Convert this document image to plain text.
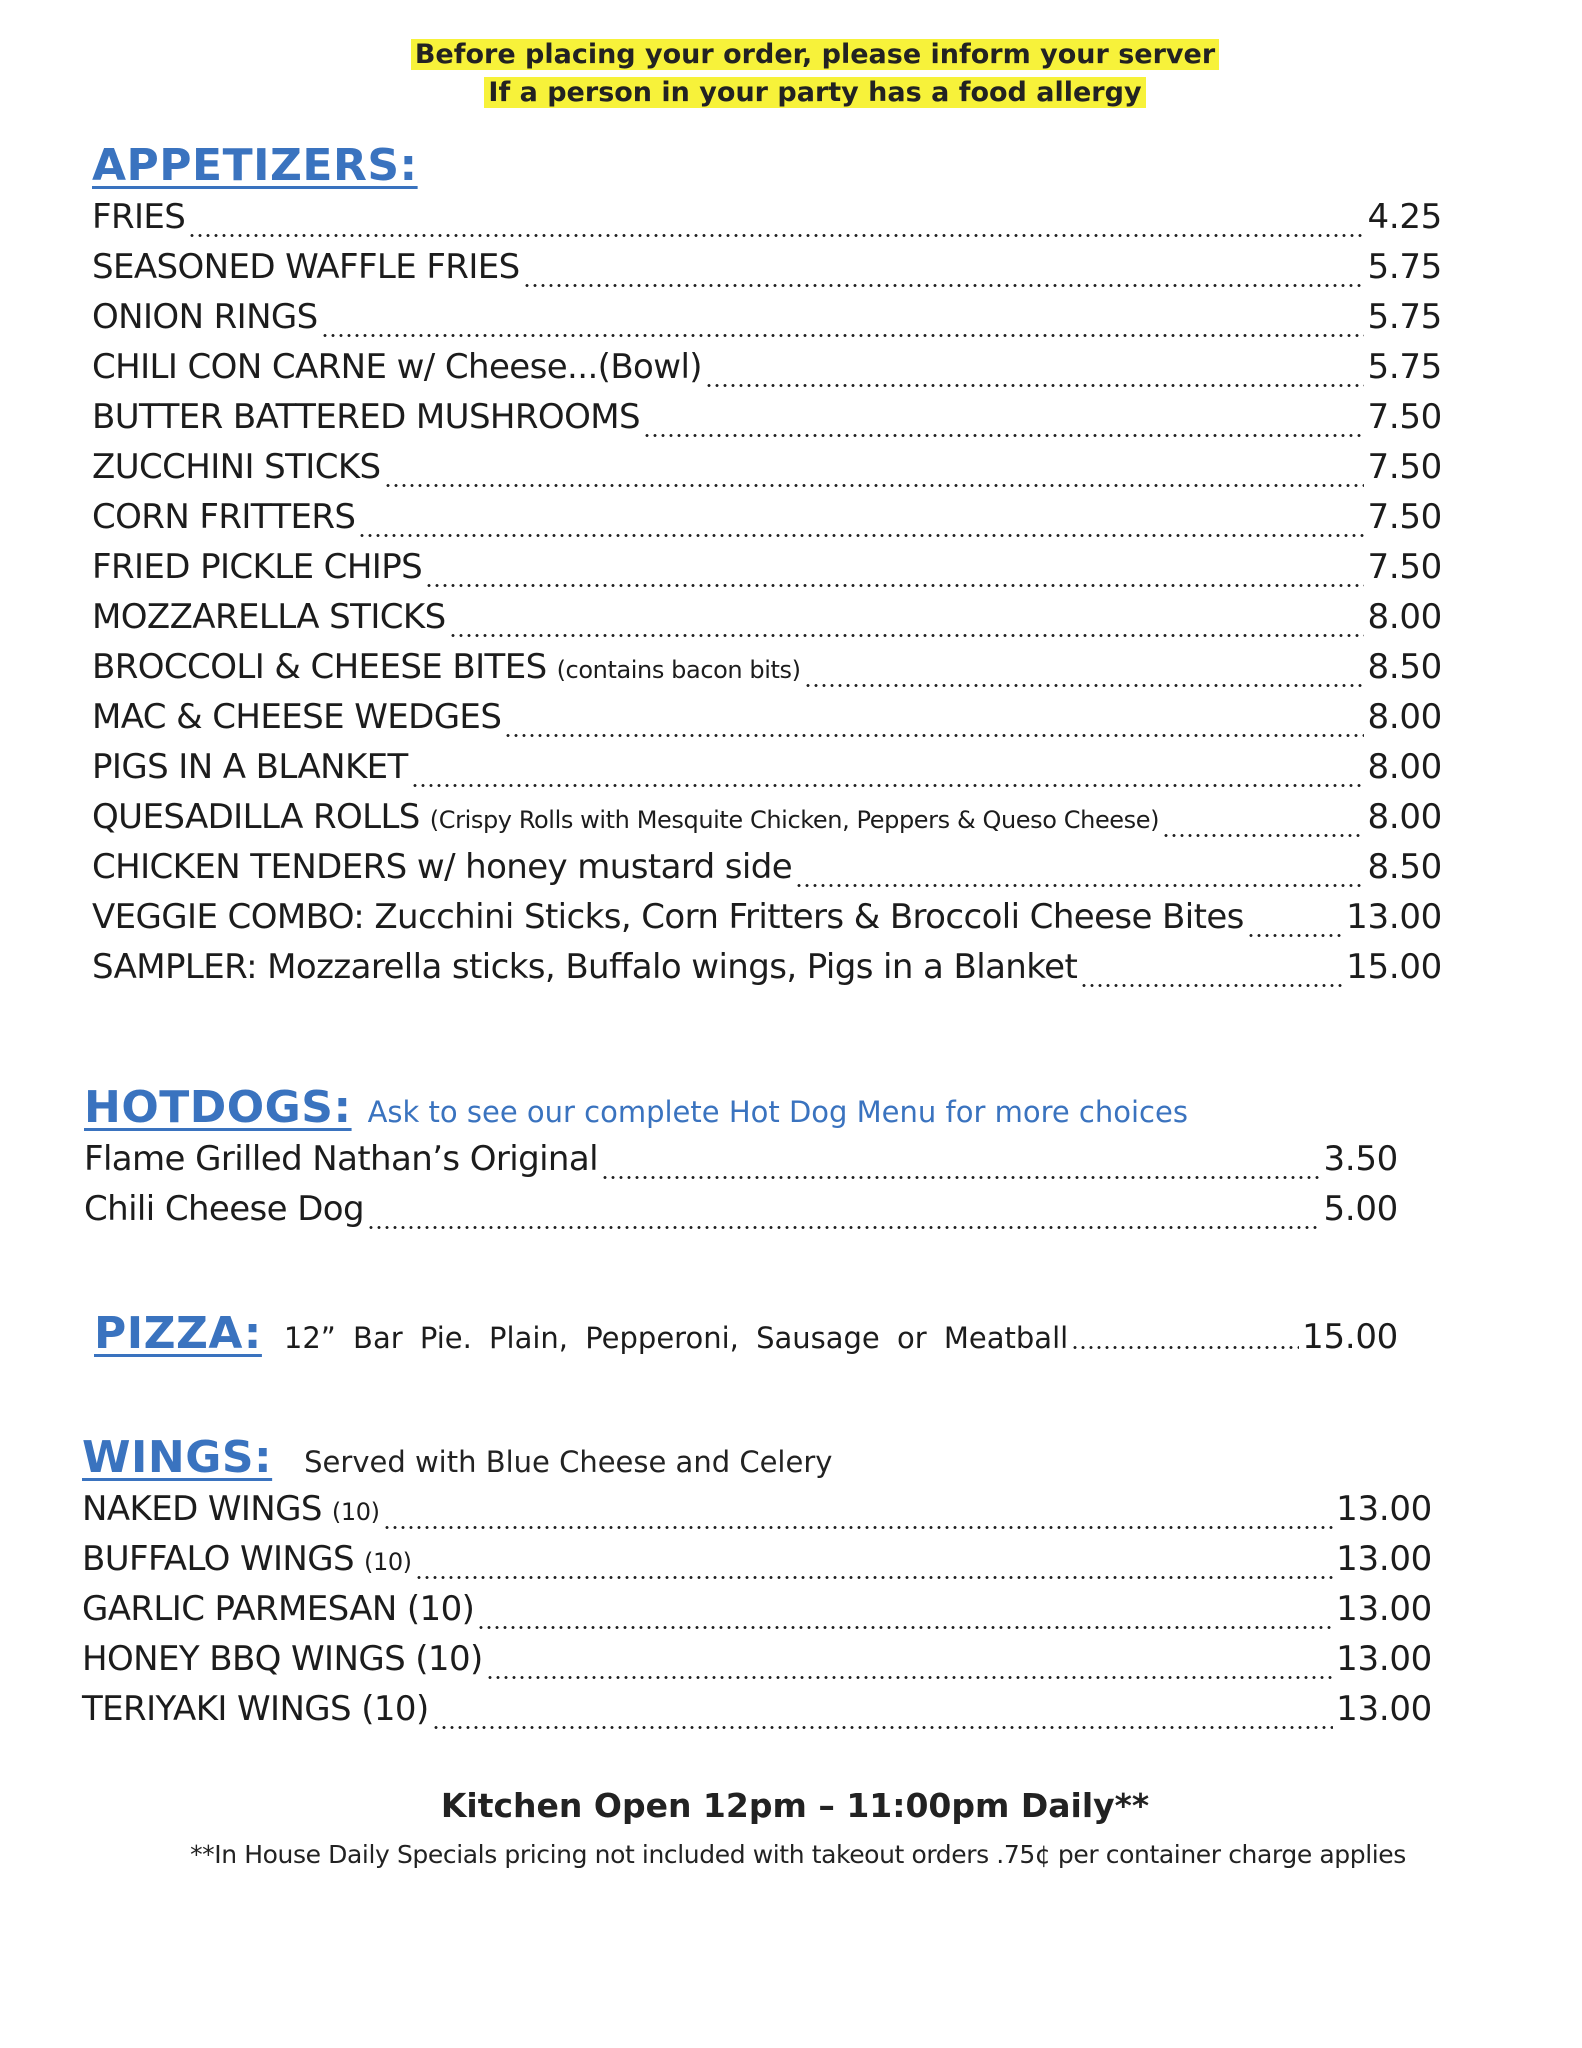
Before placing your order, please inform your server
If a person in your party has a food allergy
APPETIZERS:
FRIES	4.25
SEASONED WAFFLE FRIES	5.75
ONION RINGS	5.75
CHILI CON CARNE w/ Cheese...(Bowl)	5.75
BUTTER BATTERED MUSHROOMS	7.50
ZUCCHINI STICKS	7.50
CORN FRITTERS	7.50
FRIED PICKLE CHIPS	7.50
MOZZARELLA STICKS	8.00
BROCCOLI & CHEESE BITES (contains bacon bits)	8.50
MAC & CHEESE WEDGES	8.00
PIGS IN A BLANKET	8.00
QUESADILLA ROLLS (Crispy Rolls with Mesquite Chicken, Peppers & Queso Cheese)	8.00
CHICKEN TENDERS w/ honey mustard side	8.50
VEGGIE COMBO: Zucchini Sticks, Corn Fritters & Broccoli Cheese Bites	13.00
SAMPLER: Mozzarella sticks, Buffalo wings, Pigs in a Blanket	15.00
HOTDOGS: Ask to see our complete Hot Dog Menu for more choices
Flame Grilled Nathan’s Original	3.50
Chili Cheese Dog	5.00
PIZZA: 12” Bar Pie. Plain, Pepperoni, Sausage or Meatball	15.00
WINGS: Served with Blue Cheese and Celery
NAKED WINGS (10)	13.00
BUFFALO WINGS (10)	13.00
GARLIC PARMESAN (10)	13.00
HONEY BBQ WINGS (10)	13.00
TERIYAKI WINGS (10)	13.00
Kitchen Open 12pm – 11:00pm Daily**
**In House Daily Specials pricing not included with takeout orders .75¢ per container charge applies
